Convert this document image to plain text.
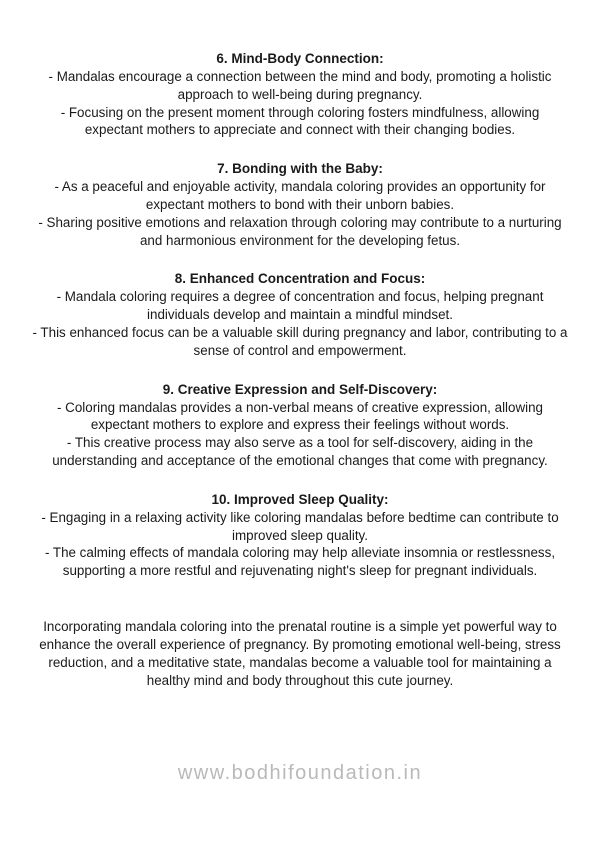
6. Mind-Body Connection:

- Mandalas encourage a connection between the mind and body, promoting a holistic approach to well-being during pregnancy.

- Focusing on the present moment through coloring fosters mindfulness, allowing expectant mothers to appreciate and connect with their changing bodies.

7. Bonding with the Baby:

- As a peaceful and enjoyable activity, mandala coloring provides an opportunity for expectant mothers to bond with their unborn babies.

- Sharing positive emotions and relaxation through coloring may contribute to a nurturing and harmonious environment for the developing fetus.

8. Enhanced Concentration and Focus:

- Mandala coloring requires a degree of concentration and focus, helping pregnant individuals develop and maintain a mindful mindset.

- This enhanced focus can be a valuable skill during pregnancy and labor, contributing to a sense of control and empowerment.

9. Creative Expression and Self-Discovery:

- Coloring mandalas provides a non-verbal means of creative expression, allowing expectant mothers to explore and express their feelings without words.

- This creative process may also serve as a tool for self-discovery, aiding in the understanding and acceptance of the emotional changes that come with pregnancy.

10. Improved Sleep Quality:

- Engaging in a relaxing activity like coloring mandalas before bedtime can contribute to improved sleep quality.

- The calming effects of mandala coloring may help alleviate insomnia or restlessness, supporting a more restful and rejuvenating night's sleep for pregnant individuals.

Incorporating mandala coloring into the prenatal routine is a simple yet powerful way to enhance the overall experience of pregnancy. By promoting emotional well-being, stress reduction, and a meditative state, mandalas become a valuable tool for maintaining a healthy mind and body throughout this cute journey.

www.bodhifoundation.in
